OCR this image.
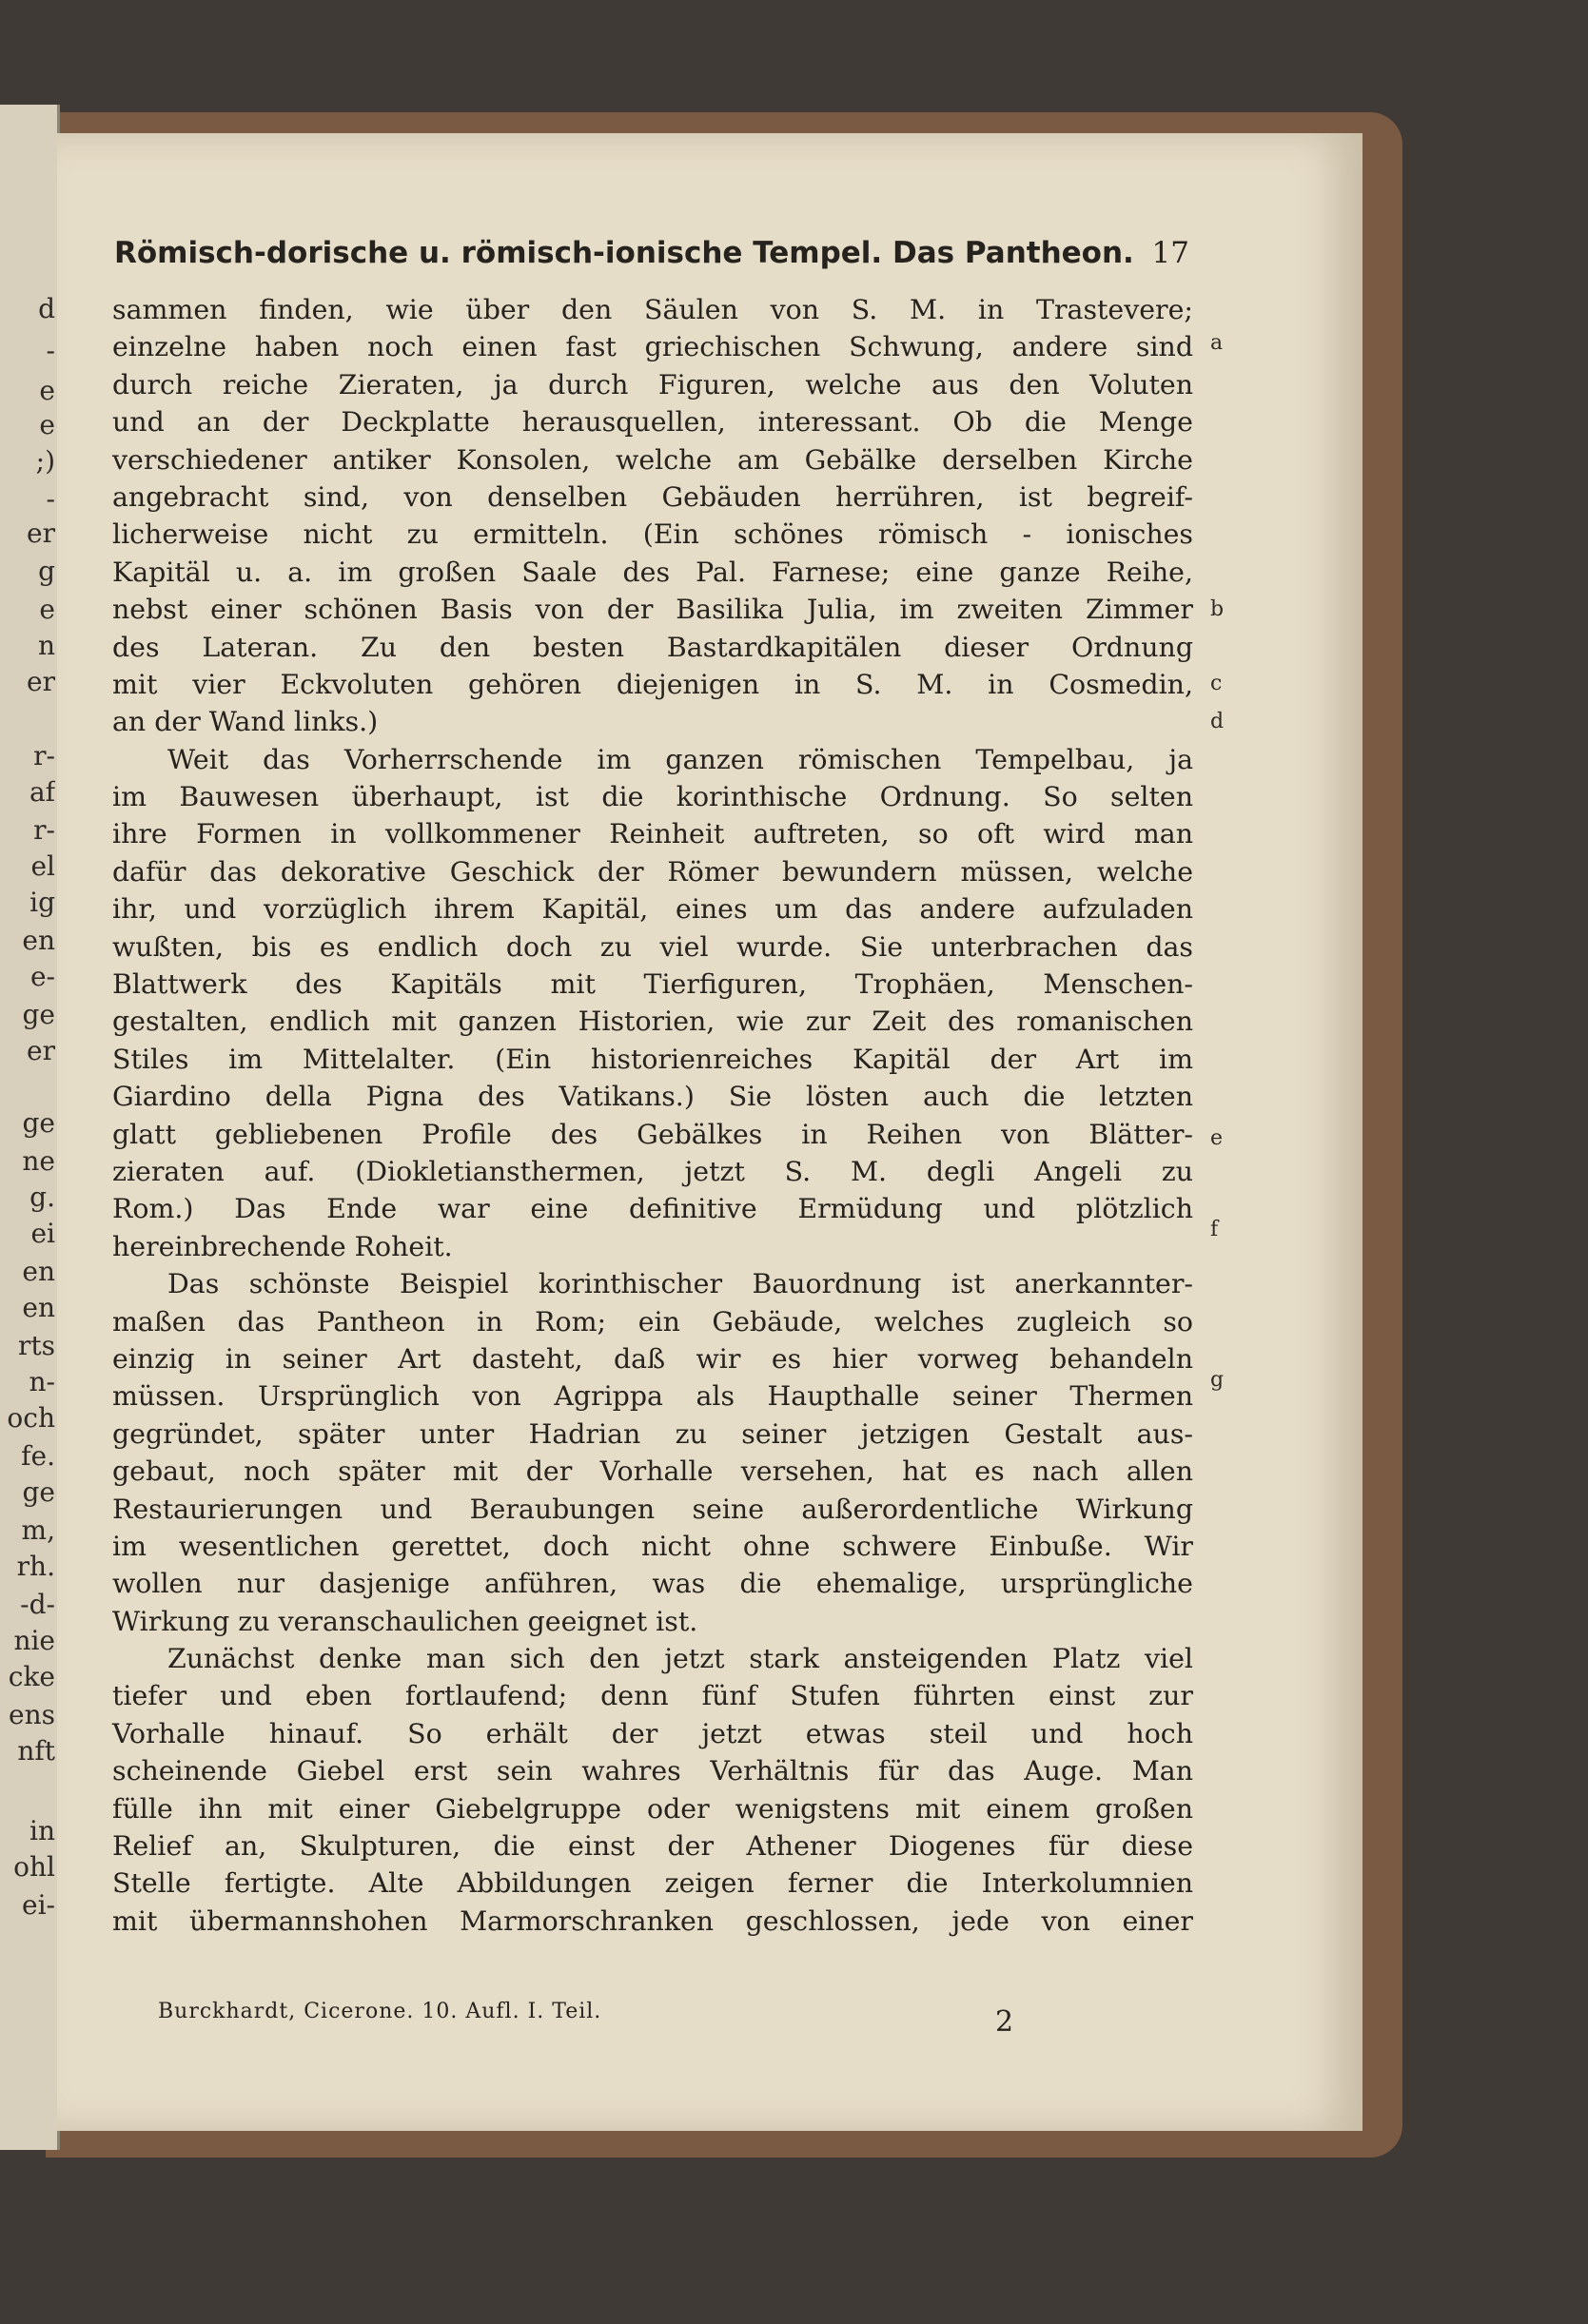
d
-
e
e
;)
-
er
g
e
n
er
r-
af
r-
el
ig
en
e-
ge
er
ge
ne
g.
ei
en
en
rts
n-
och
fe.
ge
m,
rh.
-d-
nie
cke
ens
nft
in
ohl
ei-
Römisch-dorische u. römisch-ionische Tempel. Das Pantheon. 17
sammen finden, wie über den Säulen von S. M. in Trastevere;
einzelne haben noch einen fast griechischen Schwung, andere sind
durch reiche Zieraten, ja durch Figuren, welche aus den Voluten
und an der Deckplatte herausquellen, interessant. Ob die Menge
verschiedener antiker Konsolen, welche am Gebälke derselben Kirche
angebracht sind, von denselben Gebäuden herrühren, ist begreif-
licherweise nicht zu ermitteln. (Ein schönes römisch - ionisches
Kapitäl u. a. im großen Saale des Pal. Farnese; eine ganze Reihe,
nebst einer schönen Basis von der Basilika Julia, im zweiten Zimmer
des Lateran. Zu den besten Bastardkapitälen dieser Ordnung
mit vier Eckvoluten gehören diejenigen in S. M. in Cosmedin,
an der Wand links.)
Weit das Vorherrschende im ganzen römischen Tempelbau, ja
im Bauwesen überhaupt, ist die korinthische Ordnung. So selten
ihre Formen in vollkommener Reinheit auftreten, so oft wird man
dafür das dekorative Geschick der Römer bewundern müssen, welche
ihr, und vorzüglich ihrem Kapitäl, eines um das andere aufzuladen
wußten, bis es endlich doch zu viel wurde. Sie unterbrachen das
Blattwerk des Kapitäls mit Tierfiguren, Trophäen, Menschen-
gestalten, endlich mit ganzen Historien, wie zur Zeit des romanischen
Stiles im Mittelalter. (Ein historienreiches Kapitäl der Art im
Giardino della Pigna des Vatikans.) Sie lösten auch die letzten
glatt gebliebenen Profile des Gebälkes in Reihen von Blätter-
zieraten auf. (Diokletiansthermen, jetzt S. M. degli Angeli zu
Rom.) Das Ende war eine definitive Ermüdung und plötzlich
hereinbrechende Roheit.
Das schönste Beispiel korinthischer Bauordnung ist anerkannter-
maßen das Pantheon in Rom; ein Gebäude, welches zugleich so
einzig in seiner Art dasteht, daß wir es hier vorweg behandeln
müssen. Ursprünglich von Agrippa als Haupthalle seiner Thermen
gegründet, später unter Hadrian zu seiner jetzigen Gestalt aus-
gebaut, noch später mit der Vorhalle versehen, hat es nach allen
Restaurierungen und Beraubungen seine außerordentliche Wirkung
im wesentlichen gerettet, doch nicht ohne schwere Einbuße. Wir
wollen nur dasjenige anführen, was die ehemalige, ursprüngliche
Wirkung zu veranschaulichen geeignet ist.
Zunächst denke man sich den jetzt stark ansteigenden Platz viel
tiefer und eben fortlaufend; denn fünf Stufen führten einst zur
Vorhalle hinauf. So erhält der jetzt etwas steil und hoch
scheinende Giebel erst sein wahres Verhältnis für das Auge. Man
fülle ihn mit einer Giebelgruppe oder wenigstens mit einem großen
Relief an, Skulpturen, die einst der Athener Diogenes für diese
Stelle fertigte. Alte Abbildungen zeigen ferner die Interkolumnien
mit übermannshohen Marmorschranken geschlossen, jede von einer
a
b
c
d
e
f
g
Burckhardt, Cicerone. 10. Aufl. I. Teil.	2
